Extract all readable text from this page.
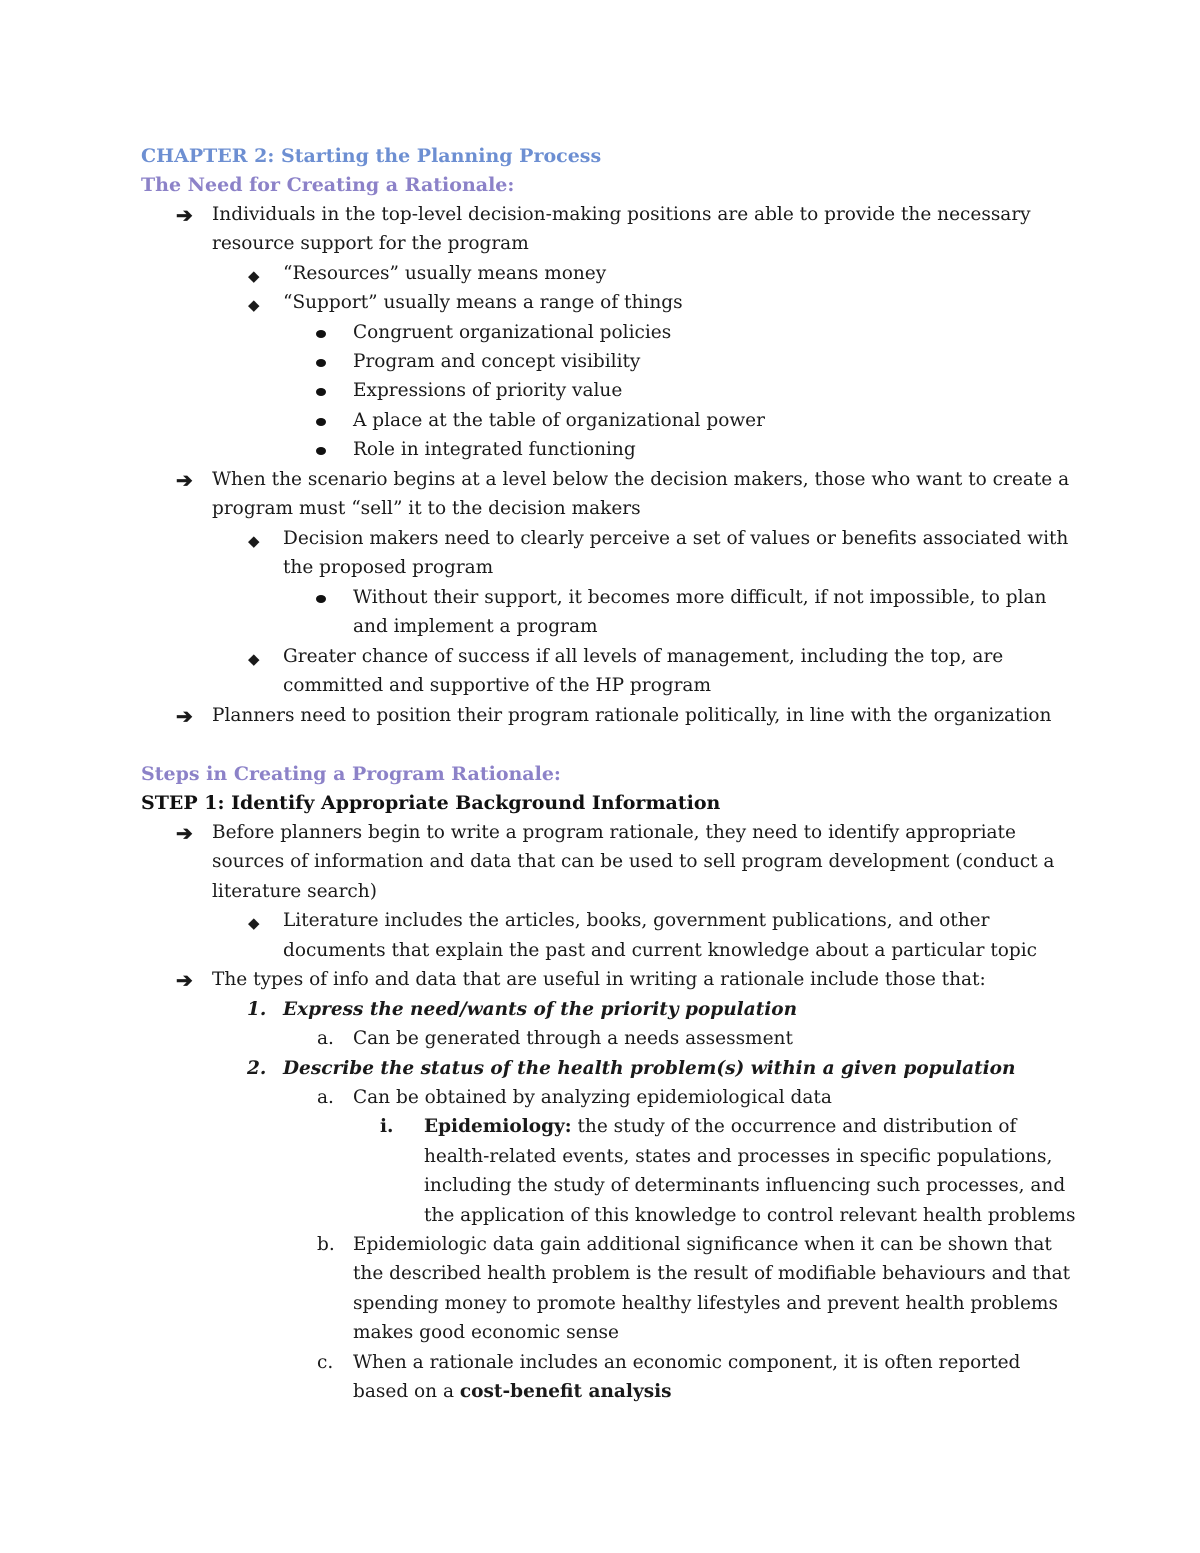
CHAPTER 2: Starting the Planning Process
The Need for Creating a Rationale:
➔ Individuals in the top-level decision-making positions are able to provide the necessary
resource support for the program
◆ “Resources” usually means money
◆ “Support” usually means a range of things
Congruent organizational policies
Program and concept visibility
Expressions of priority value
A place at the table of organizational power
Role in integrated functioning
➔ When the scenario begins at a level below the decision makers, those who want to create a
program must “sell” it to the decision makers
◆ Decision makers need to clearly perceive a set of values or benefits associated with
the proposed program
Without their support, it becomes more difficult, if not impossible, to plan
and implement a program
◆ Greater chance of success if all levels of management, including the top, are
committed and supportive of the HP program
➔ Planners need to position their program rationale politically, in line with the organization
Steps in Creating a Program Rationale:
STEP 1: Identify Appropriate Background Information
➔ Before planners begin to write a program rationale, they need to identify appropriate
sources of information and data that can be used to sell program development (conduct a
literature search)
◆ Literature includes the articles, books, government publications, and other
documents that explain the past and current knowledge about a particular topic
➔ The types of info and data that are useful in writing a rationale include those that:
1. Express the need/wants of the priority population
a. Can be generated through a needs assessment
2. Describe the status of the health problem(s) within a given population
a. Can be obtained by analyzing epidemiological data
i. Epidemiology: the study of the occurrence and distribution of
health-related events, states and processes in specific populations,
including the study of determinants influencing such processes, and
the application of this knowledge to control relevant health problems
b. Epidemiologic data gain additional significance when it can be shown that
the described health problem is the result of modifiable behaviours and that
spending money to promote healthy lifestyles and prevent health problems
makes good economic sense
c. When a rationale includes an economic component, it is often reported
based on a cost-benefit analysis
